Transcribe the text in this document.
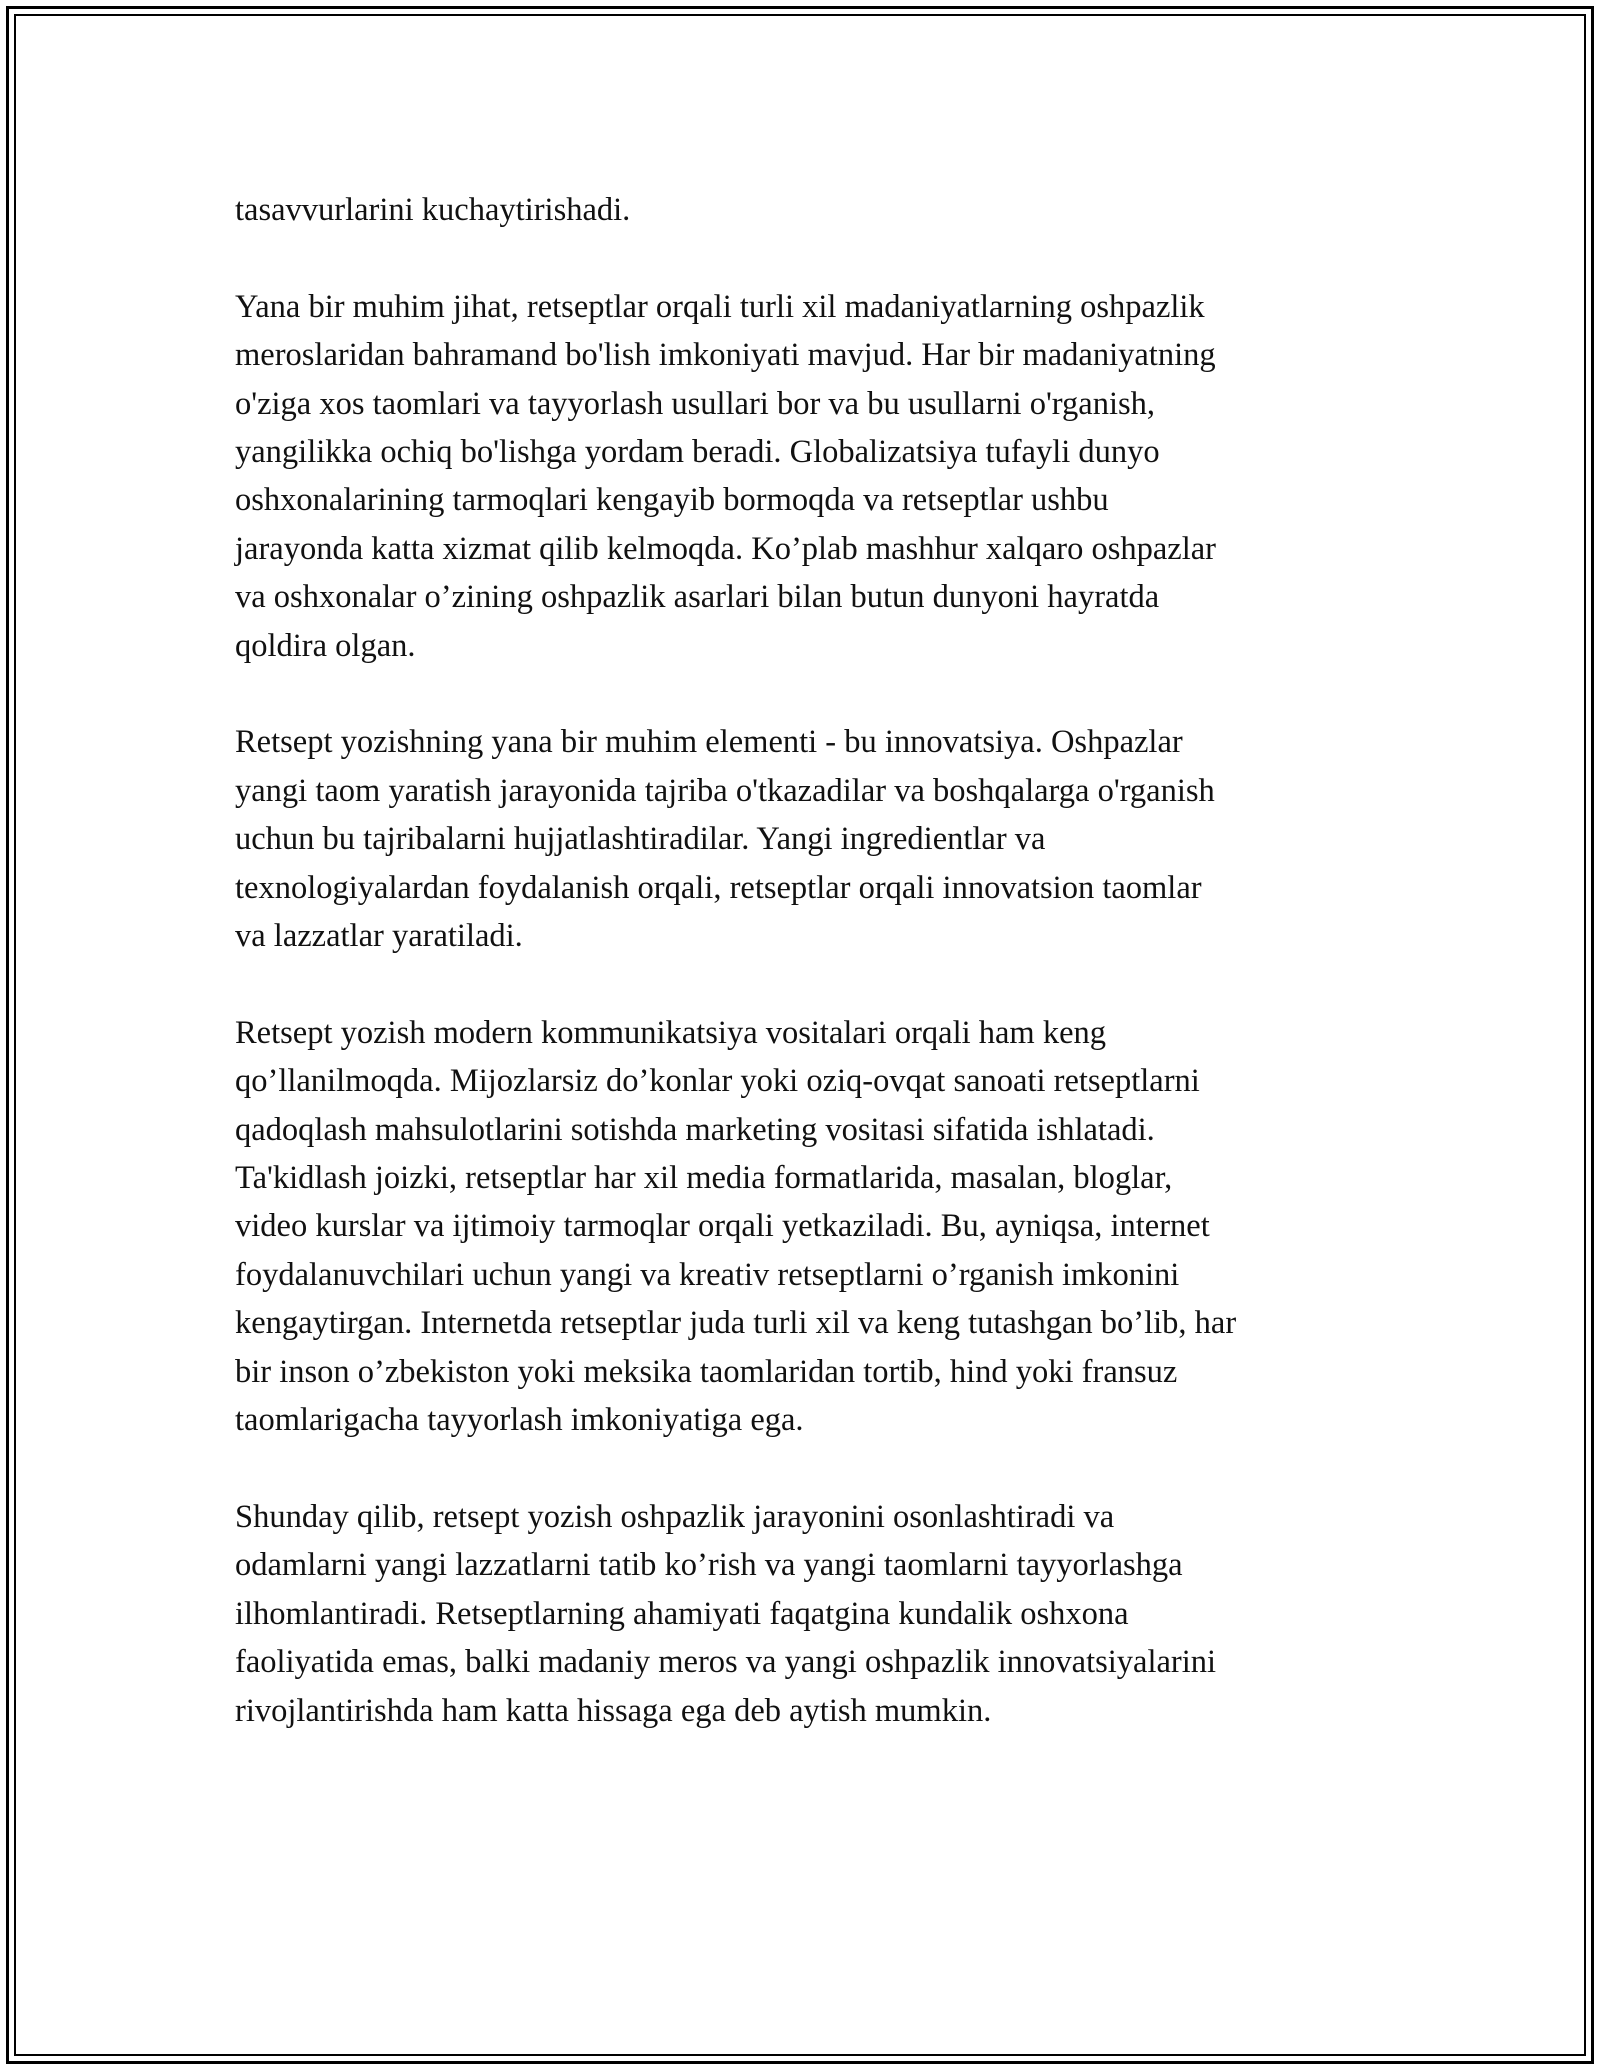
tasavvurlarini kuchaytirishadi.

Yana bir muhim jihat, retseptlar orqali turli xil madaniyatlarning oshpazlik
meroslaridan bahramand bo'lish imkoniyati mavjud. Har bir madaniyatning
o'ziga xos taomlari va tayyorlash usullari bor va bu usullarni o'rganish,
yangilikka ochiq bo'lishga yordam beradi. Globalizatsiya tufayli dunyo
oshxonalarining tarmoqlari kengayib bormoqda va retseptlar ushbu
jarayonda katta xizmat qilib kelmoqda. Ko’plab mashhur xalqaro oshpazlar
va oshxonalar o’zining oshpazlik asarlari bilan butun dunyoni hayratda
qoldira olgan.

Retsept yozishning yana bir muhim elementi - bu innovatsiya. Oshpazlar
yangi taom yaratish jarayonida tajriba o'tkazadilar va boshqalarga o'rganish
uchun bu tajribalarni hujjatlashtiradilar. Yangi ingredientlar va
texnologiyalardan foydalanish orqali, retseptlar orqali innovatsion taomlar
va lazzatlar yaratiladi.

Retsept yozish modern kommunikatsiya vositalari orqali ham keng
qo’llanilmoqda. Mijozlarsiz do’konlar yoki oziq-ovqat sanoati retseptlarni
qadoqlash mahsulotlarini sotishda marketing vositasi sifatida ishlatadi.
Ta'kidlash joizki, retseptlar har xil media formatlarida, masalan, bloglar,
video kurslar va ijtimoiy tarmoqlar orqali yetkaziladi. Bu, ayniqsa, internet
foydalanuvchilari uchun yangi va kreativ retseptlarni o’rganish imkonini
kengaytirgan. Internetda retseptlar juda turli xil va keng tutashgan bo’lib, har
bir inson o’zbekiston yoki meksika taomlaridan tortib, hind yoki fransuz
taomlarigacha tayyorlash imkoniyatiga ega.

Shunday qilib, retsept yozish oshpazlik jarayonini osonlashtiradi va
odamlarni yangi lazzatlarni tatib ko’rish va yangi taomlarni tayyorlashga
ilhomlantiradi. Retseptlarning ahamiyati faqatgina kundalik oshxona
faoliyatida emas, balki madaniy meros va yangi oshpazlik innovatsiyalarini
rivojlantirishda ham katta hissaga ega deb aytish mumkin.
